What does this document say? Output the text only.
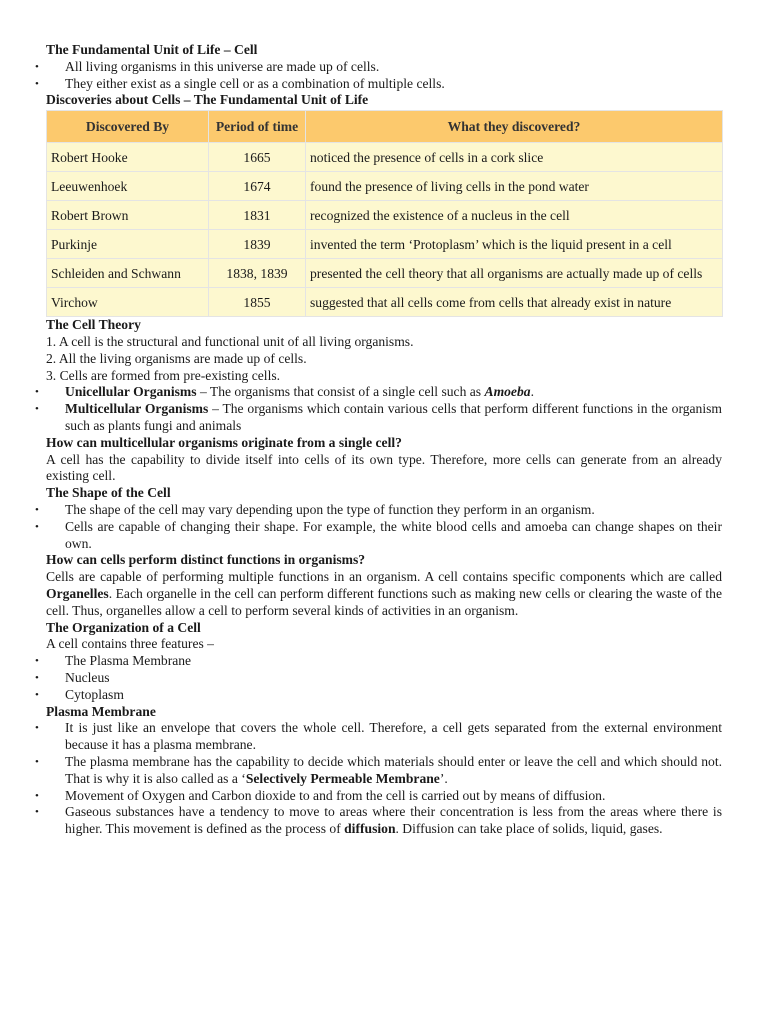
The Fundamental Unit of Life – Cell
• All living organisms in this universe are made up of cells.
• They either exist as a single cell or as a combination of multiple cells.
Discoveries about Cells – The Fundamental Unit of Life
Discovered By	Period of time	What they discovered?
Robert Hooke	1665	noticed the presence of cells in a cork slice
Leeuwenhoek	1674	found the presence of living cells in the pond water
Robert Brown	1831	recognized the existence of a nucleus in the cell
Purkinje	1839	invented the term ‘Protoplasm’ which is the liquid present in a cell
Schleiden and Schwann	1838, 1839	presented the cell theory that all organisms are actually made up of cells
Virchow	1855	suggested that all cells come from cells that already exist in nature
The Cell Theory
1. A cell is the structural and functional unit of all living organisms.
2. All the living organisms are made up of cells.
3. Cells are formed from pre-existing cells.
• Unicellular Organisms – The organisms that consist of a single cell such as Amoeba.
• Multicellular Organisms – The organisms which contain various cells that perform different functions in the organism such as plants fungi and animals
How can multicellular organisms originate from a single cell?
A cell has the capability to divide itself into cells of its own type. Therefore, more cells can generate from an already existing cell.
The Shape of the Cell
• The shape of the cell may vary depending upon the type of function they perform in an organism.
• Cells are capable of changing their shape. For example, the white blood cells and amoeba can change shapes on their own.
How can cells perform distinct functions in organisms?
Cells are capable of performing multiple functions in an organism. A cell contains specific components which are called Organelles. Each organelle in the cell can perform different functions such as making new cells or clearing the waste of the cell. Thus, organelles allow a cell to perform several kinds of activities in an organism.
The Organization of a Cell
A cell contains three features –
• The Plasma Membrane
• Nucleus
• Cytoplasm
Plasma Membrane
• It is just like an envelope that covers the whole cell. Therefore, a cell gets separated from the external environment because it has a plasma membrane.
• The plasma membrane has the capability to decide which materials should enter or leave the cell and which should not. That is why it is also called as a ‘Selectively Permeable Membrane’.
• Movement of Oxygen and Carbon dioxide to and from the cell is carried out by means of diffusion.
• Gaseous substances have a tendency to move to areas where their concentration is less from the areas where there is higher. This movement is defined as the process of diffusion. Diffusion can take place of solids, liquid, gases.
